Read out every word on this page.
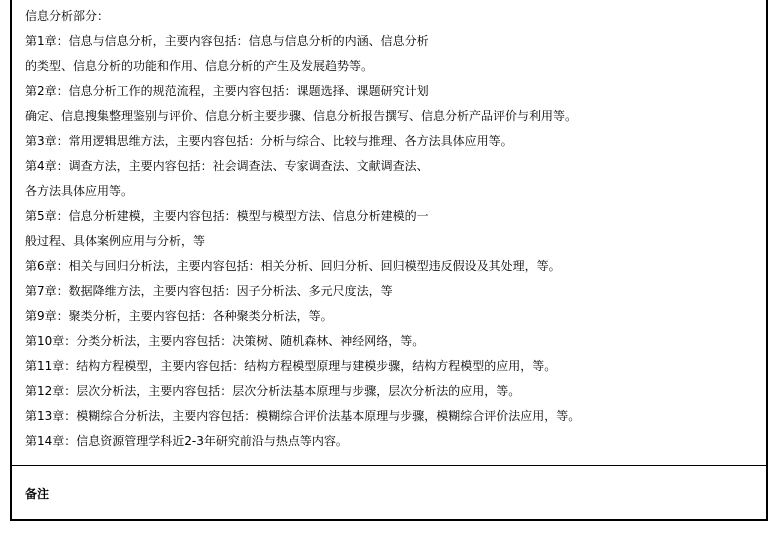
信息分析部分：
第1章：信息与信息分析，主要内容包括：信息与信息分析的内涵、信息分析
的类型、信息分析的功能和作用、信息分析的产生及发展趋势等。
第2章：信息分析工作的规范流程，主要内容包括：课题选择、课题研究计划
确定、信息搜集整理鉴别与评价、信息分析主要步骤、信息分析报告撰写、信息分析产品评价与利用等。
第3章：常用逻辑思维方法，主要内容包括：分析与综合、比较与推理、各方法具体应用等。
第4章：调查方法，主要内容包括：社会调查法、专家调查法、文献调查法、
各方法具体应用等。
第5章：信息分析建模，主要内容包括：模型与模型方法、信息分析建模的一
般过程、具体案例应用与分析，等
第6章：相关与回归分析法，主要内容包括：相关分析、回归分析、回归模型违反假设及其处理，等。
第7章：数据降维方法，主要内容包括：因子分析法、多元尺度法，等
第9章：聚类分析，主要内容包括：各种聚类分析法，等。
第10章：分类分析法，主要内容包括：决策树、随机森林、神经网络，等。
第11章：结构方程模型，主要内容包括：结构方程模型原理与建模步骤，结构方程模型的应用，等。
第12章：层次分析法，主要内容包括：层次分析法基本原理与步骤，层次分析法的应用，等。
第13章：模糊综合分析法，主要内容包括：模糊综合评价法基本原理与步骤，模糊综合评价法应用，等。
第14章：信息资源管理学科近2-3年研究前沿与热点等内容。
备注
